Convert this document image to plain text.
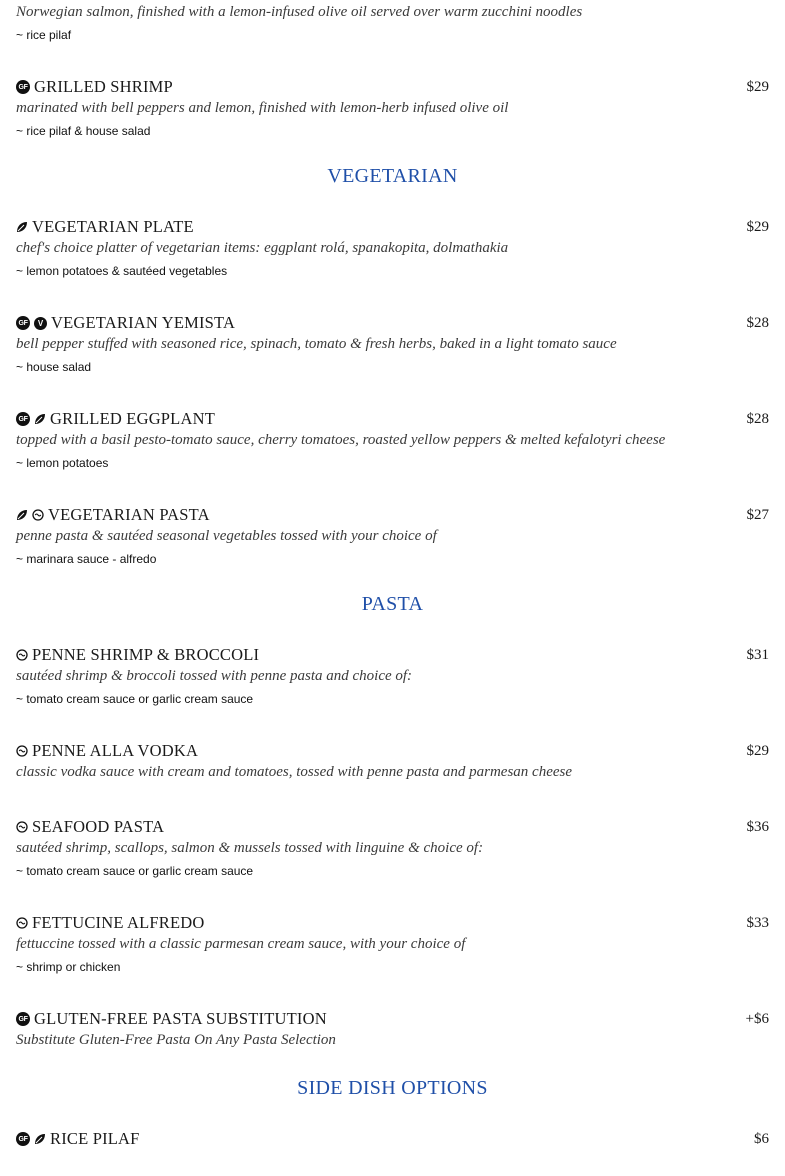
Norwegian salmon, finished with a lemon-infused olive oil served over warm zucchini noodles
~ rice pilaf
GF GRILLED SHRIMP	$29
marinated with bell peppers and lemon, finished with lemon-herb infused olive oil
~ rice pilaf & house salad
VEGETARIAN
VEGETARIAN PLATE	$29
chef's choice platter of vegetarian items: eggplant rolá, spanakopita, dolmathakia
~ lemon potatoes & sautéed vegetables
GF	V VEGETARIAN YEMISTA	$28
bell pepper stuffed with seasoned rice, spinach, tomato & fresh herbs, baked in a light tomato sauce
~ house salad
GF GRILLED EGGPLANT	$28
topped with a basil pesto-tomato sauce, cherry tomatoes, roasted yellow peppers & melted kefalotyri cheese
~ lemon potatoes
VEGETARIAN PASTA	$27
penne pasta & sautéed seasonal vegetables tossed with your choice of
~ marinara sauce - alfredo
PASTA
PENNE SHRIMP & BROCCOLI	$31
sautéed shrimp & broccoli tossed with penne pasta and choice of:
~ tomato cream sauce or garlic cream sauce
PENNE ALLA VODKA	$29
classic vodka sauce with cream and tomatoes, tossed with penne pasta and parmesan cheese
SEAFOOD PASTA	$36
sautéed shrimp, scallops, salmon & mussels tossed with linguine & choice of:
~ tomato cream sauce or garlic cream sauce
FETTUCINE ALFREDO	$33
fettuccine tossed with a classic parmesan cream sauce, with your choice of
~ shrimp or chicken
GF GLUTEN-FREE PASTA SUBSTITUTION	+$6
Substitute Gluten-Free Pasta On Any Pasta Selection
SIDE DISH OPTIONS
GF RICE PILAF	$6
